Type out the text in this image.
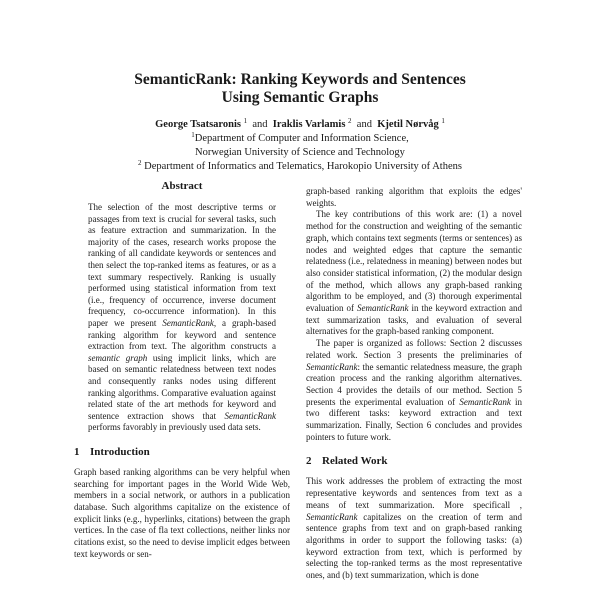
SemanticRank: Ranking Keywords and Sentences
Using Semantic Graphs
George Tsatsaronis $^1$ and Iraklis Varlamis $^2$ and Kjetil Nørvåg $^1$
$^1$Department of Computer and Information Science,
Norwegian University of Science and Technology
$^2$ Department of Informatics and Telematics, Harokopio University of Athens
Abstract
The selection of the most descriptive terms or passages from text is crucial for several tasks, such as feature extraction and summarization. In the majority of the cases, research works propose the ranking of all candidate keywords or sentences and then select the top-ranked items as features, or as a text summary respectively. Ranking is usually performed using statistical information from text (i.e., frequency of occurrence, inverse document frequency, co-occurrence information). In this paper we present SemanticRank, a graph-based ranking algorithm for keyword and sentence extraction from text. The algorithm constructs a semantic graph using implicit links, which are based on semantic relatedness between text nodes and consequently ranks nodes using different ranking algorithms. Comparative evaluation against related state of the art methods for keyword and sentence extraction shows that SemanticRank performs favorably in previously used data sets.
1 Introduction

Graph based ranking algorithms can be very helpful when searching for important pages in the World Wide Web, members in a social network, or authors in a publication database. Such algorithms capitalize on the existence of explicit links (e.g., hyperlinks, citations) between the graph vertices. In the case of fla text collections, neither links nor citations exist, so the need to devise implicit edges between text keywords or sen-

graph-based ranking algorithm that exploits the edges' weights.

The key contributions of this work are: (1) a novel method for the construction and weighting of the semantic graph, which contains text segments (terms or sentences) as nodes and weighted edges that capture the semantic relatedness (i.e., relatedness in meaning) between nodes but also consider statistical information, (2) the modular design of the method, which allows any graph-based ranking algorithm to be employed, and (3) thorough experimental evaluation of SemanticRank in the keyword extraction and text summarization tasks, and evaluation of several alternatives for the graph-based ranking component.

The paper is organized as follows: Section 2 discusses related work. Section 3 presents the preliminaries of SemanticRank: the semantic relatedness measure, the graph creation process and the ranking algorithm alternatives. Section 4 provides the details of our method. Section 5 presents the experimental evaluation of SemanticRank in two different tasks: keyword extraction and text summarization. Finally, Section 6 concludes and provides pointers to future work.

2 Related Work

This work addresses the problem of extracting the most representative keywords and sentences from text as a means of text summarization. More specificall , SemanticRank capitalizes on the creation of term and sentence graphs from text and on graph-based ranking algorithms in order to support the following tasks: (a) keyword extraction from text, which is performed by selecting the top-ranked terms as the most representative ones, and (b) text summarization, which is done
